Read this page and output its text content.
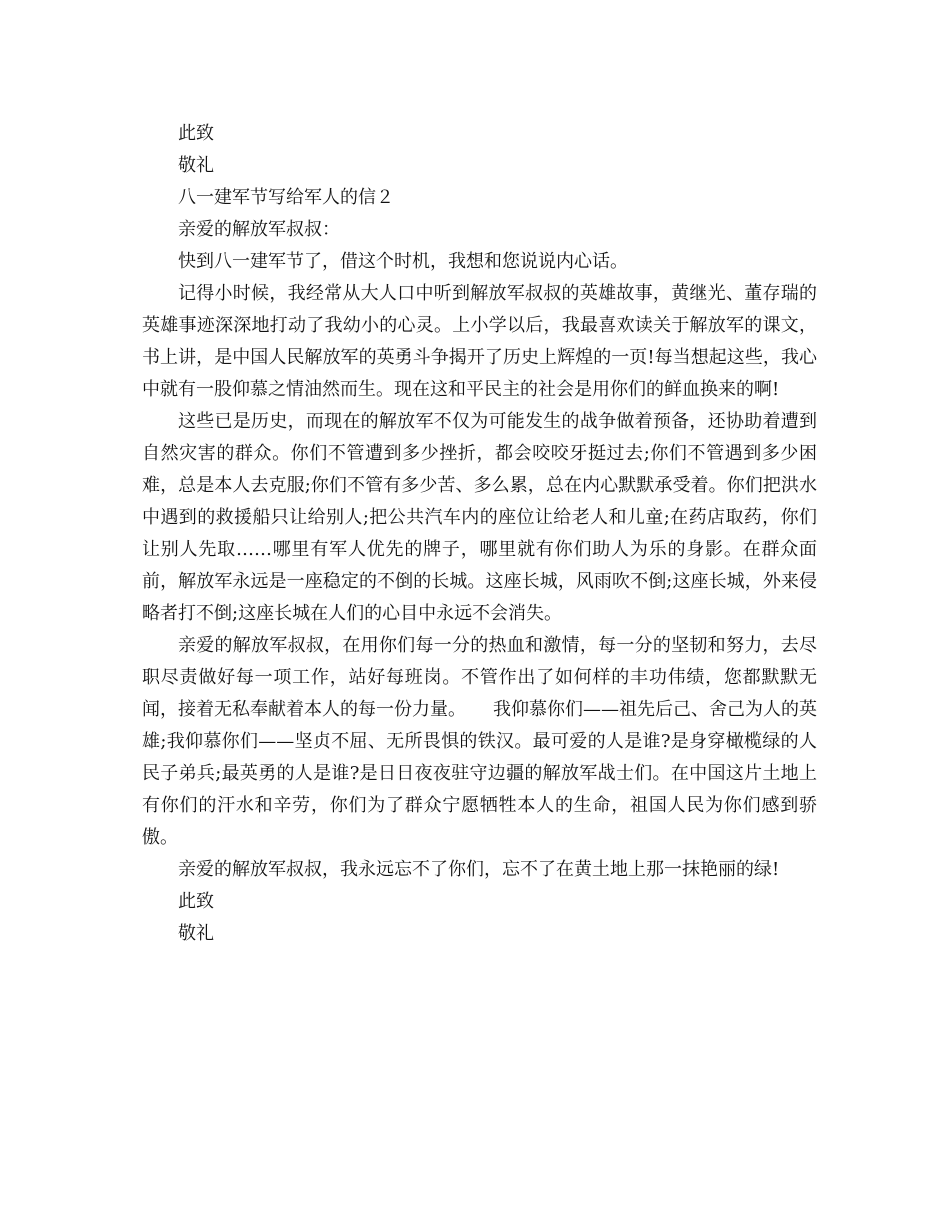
此致
敬礼
八一建军节写给军人的信２
亲爱的解放军叔叔：
快到八一建军节了，借这个时机，我想和您说说内心话。

记得小时候，我经常从大人口中听到解放军叔叔的英雄故事，黄继光、董存瑞的英雄事迹深深地打动了我幼小的心灵。上小学以后，我最喜欢读关于解放军的课文，书上讲，是中国人民解放军的英勇斗争揭开了历史上辉煌的一页!每当想起这些，我心中就有一股仰慕之情油然而生。现在这和平民主的社会是用你们的鲜血换来的啊!

这些已是历史，而现在的解放军不仅为可能发生的战争做着预备，还协助着遭到自然灾害的群众。你们不管遭到多少挫折，都会咬咬牙挺过去;你们不管遇到多少困难，总是本人去克服;你们不管有多少苦、多么累，总在内心默默承受着。你们把洪水中遇到的救援船只让给别人;把公共汽车内的座位让给老人和儿童;在药店取药，你们让别人先取……哪里有军人优先的牌子，哪里就有你们助人为乐的身影。在群众面前，解放军永远是一座稳定的不倒的长城。这座长城，风雨吹不倒;这座长城，外来侵略者打不倒;这座长城在人们的心目中永远不会消失。

亲爱的解放军叔叔，在用你们每一分的热血和激情，每一分的坚韧和努力，去尽职尽责做好每一项工作，站好每班岗。不管作出了如何样的丰功伟绩，您都默默无闻，接着无私奉献着本人的每一份力量。　　我仰慕你们——祖先后己、舍己为人的英雄;我仰慕你们——坚贞不屈、无所畏惧的铁汉。最可爱的人是谁?是身穿橄榄绿的人民子弟兵;最英勇的人是谁?是日日夜夜驻守边疆的解放军战士们。在中国这片土地上有你们的汗水和辛劳，你们为了群众宁愿牺牲本人的生命，祖国人民为你们感到骄傲。

亲爱的解放军叔叔，我永远忘不了你们，忘不了在黄土地上那一抹艳丽的绿!
此致
敬礼
